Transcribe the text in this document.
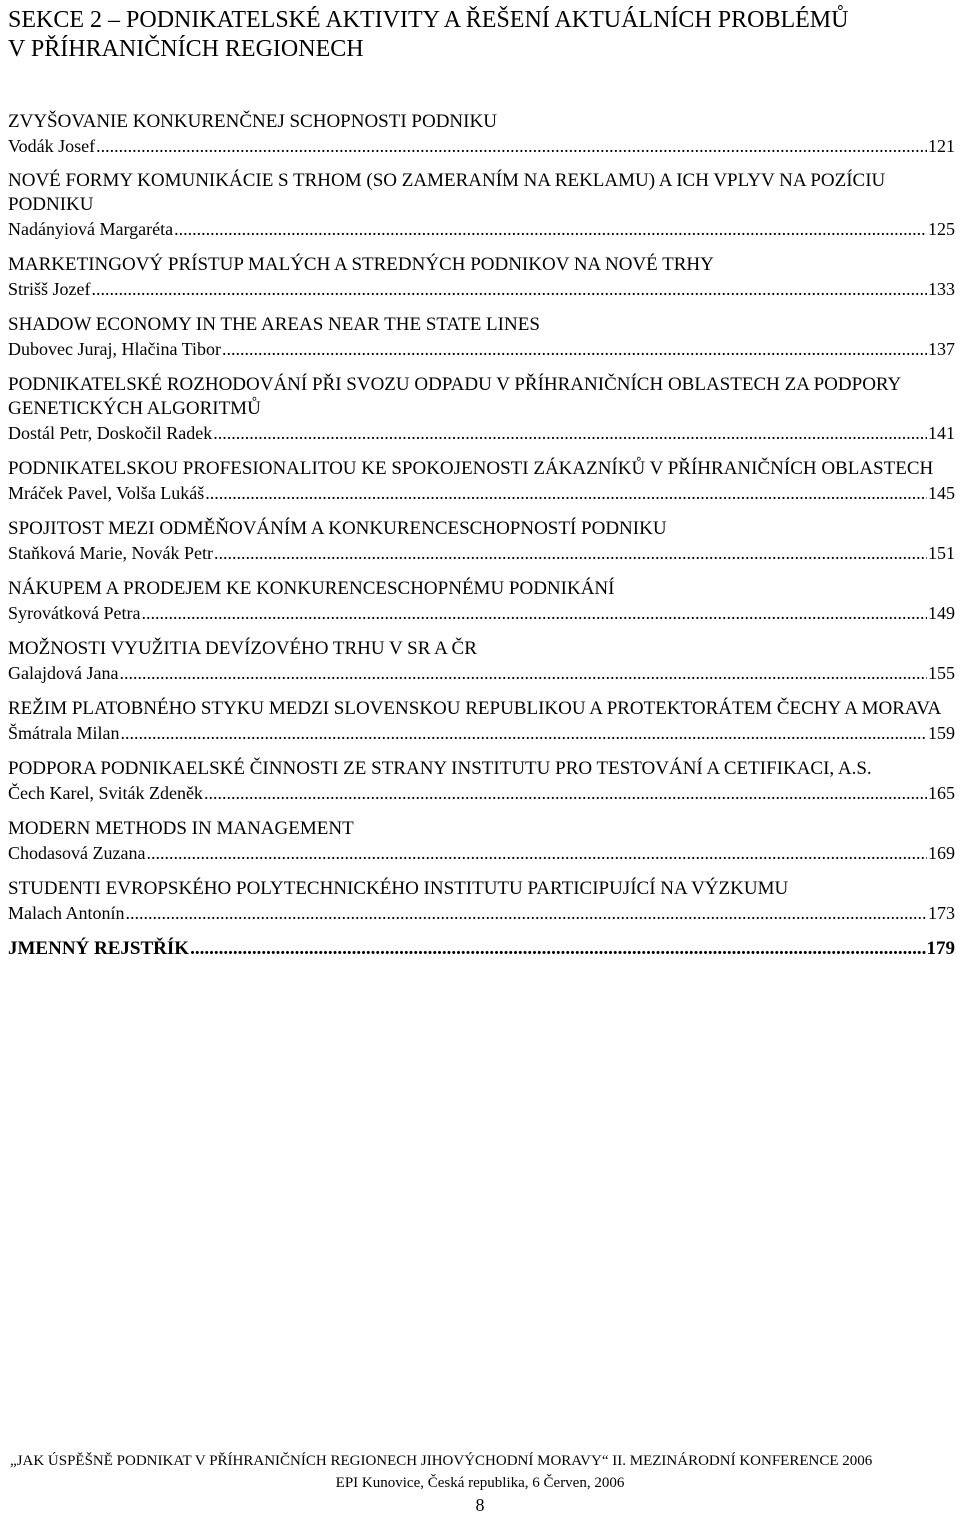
SEKCE 2 – PODNIKATELSKÉ AKTIVITY A ŘEŠENÍ AKTUÁLNÍCH PROBLÉMŮ
V PŘÍHRANIČNÍCH REGIONECH
ZVYŠOVANIE KONKURENČNEJ SCHOPNOSTI PODNIKU
Vodák Josef .....	121
NOVÉ FORMY KOMUNIKÁCIE S TRHOM (SO ZAMERANÍM NA REKLAMU) A ICH VPLYV NA POZÍCIU PODNIKU
Nadányiová Margaréta .....	125
MARKETINGOVÝ PRÍSTUP MALÝCH A STREDNÝCH PODNIKOV NA NOVÉ TRHY
Strišš Jozef .....	133
SHADOW ECONOMY IN THE AREAS NEAR THE STATE LINES
Dubovec Juraj, Hlačina Tibor .....	137
PODNIKATELSKÉ ROZHODOVÁNÍ PŘI SVOZU ODPADU V PŘÍHRANIČNÍCH OBLASTECH ZA PODPORY GENETICKÝCH ALGORITMŮ
Dostál Petr, Doskočil Radek .....	141
PODNIKATELSKOU PROFESIONALITOU KE SPOKOJENOSTI ZÁKAZNÍKŮ V PŘÍHRANIČNÍCH OBLASTECH
Mráček Pavel, Volša Lukáš .....	145
SPOJITOST MEZI ODMĚŇOVÁNÍM A KONKURENCESCHOPNOSTÍ PODNIKU
Staňková Marie, Novák Petr .....	151
NÁKUPEM A PRODEJEM KE KONKURENCESCHOPNÉMU PODNIKÁNÍ
Syrovátková Petra .....	149
MOŽNOSTI VYUŽITIA DEVÍZOVÉHO TRHU V SR A ČR
Galajdová Jana .....	155
REŽIM PLATOBNÉHO STYKU MEDZI SLOVENSKOU REPUBLIKOU A PROTEKTORÁTEM ČECHY A MORAVA
Šmátrala Milan .....	159
PODPORA PODNIKAELSKÉ ČINNOSTI ZE STRANY INSTITUTU PRO TESTOVÁNÍ A CETIFIKACI, A.S.
Čech Karel, Sviták Zdeněk .....	165
MODERN METHODS IN MANAGEMENT
Chodasová Zuzana .....	169
STUDENTI EVROPSKÉHO POLYTECHNICKÉHO INSTITUTU PARTICIPUJÍCÍ NA VÝZKUMU
Malach Antonín .....	173
JMENNÝ REJSTŘÍK .....	179
„JAK ÚSPĚŠNĚ PODNIKAT V PŘÍHRANIČNÍCH REGIONECH JIHOVÝCHODNÍ MORAVY“ II. MEZINÁRODNÍ KONFERENCE 2006
EPI Kunovice, Česká republika, 6 Červen, 2006
8
